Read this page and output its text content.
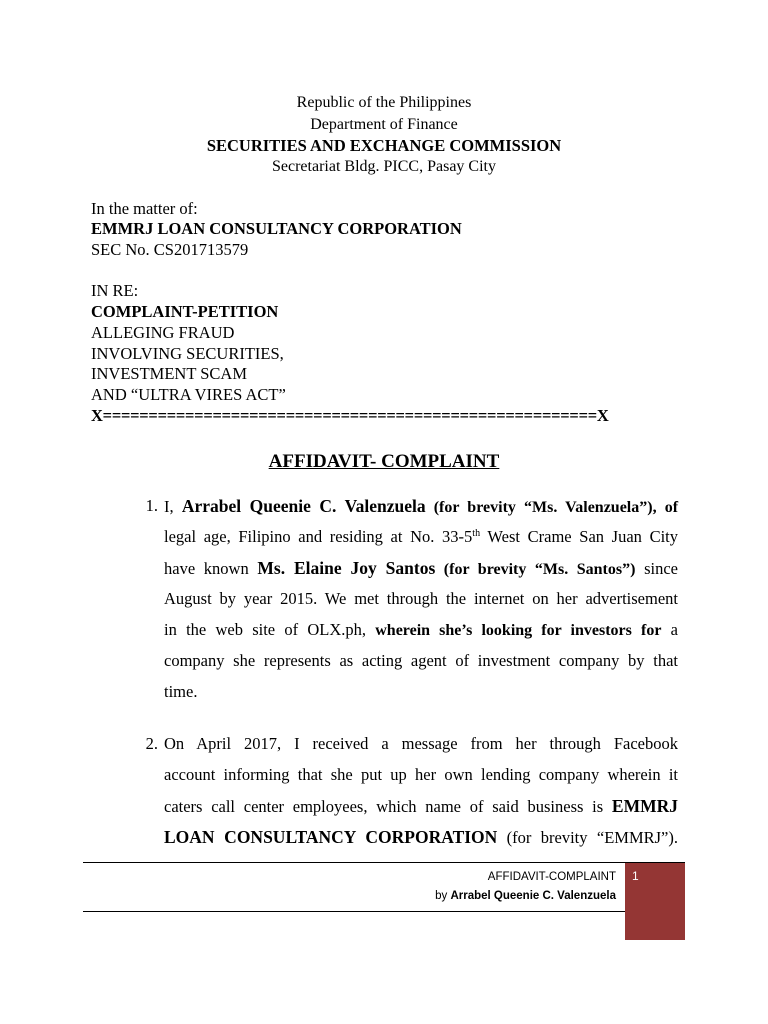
Republic of the Philippines
Department of Finance
SECURITIES AND EXCHANGE COMMISSION
Secretariat Bldg. PICC, Pasay City
In the matter of:
EMMRJ LOAN CONSULTANCY CORPORATION
SEC No. CS201713579
IN RE:
COMPLAINT-PETITION
ALLEGING FRAUD
INVOLVING SECURITIES,
INVESTMENT SCAM
AND “ULTRA VIRES ACT”
X======================================================X
AFFIDAVIT- COMPLAINT
1. I, Arrabel Queenie C. Valenzuela (for brevity “Ms. Valenzuela”), of
legal age, Filipino and residing at No. 33-5th West Crame San Juan City
have known Ms. Elaine Joy Santos (for brevity “Ms. Santos”) since
August by year 2015. We met through the internet on her advertisement
in the web site of OLX.ph, wherein she’s looking for investors for a
company she represents as acting agent of investment company by that
time.
2. On April 2017, I received a message from her through Facebook
account informing that she put up her own lending company wherein it
caters call center employees, which name of said business is EMMRJ
LOAN CONSULTANCY CORPORATION (for brevity “EMMRJ”).
AFFIDAVIT-COMPLAINT
by Arrabel Queenie C. Valenzuela
1
